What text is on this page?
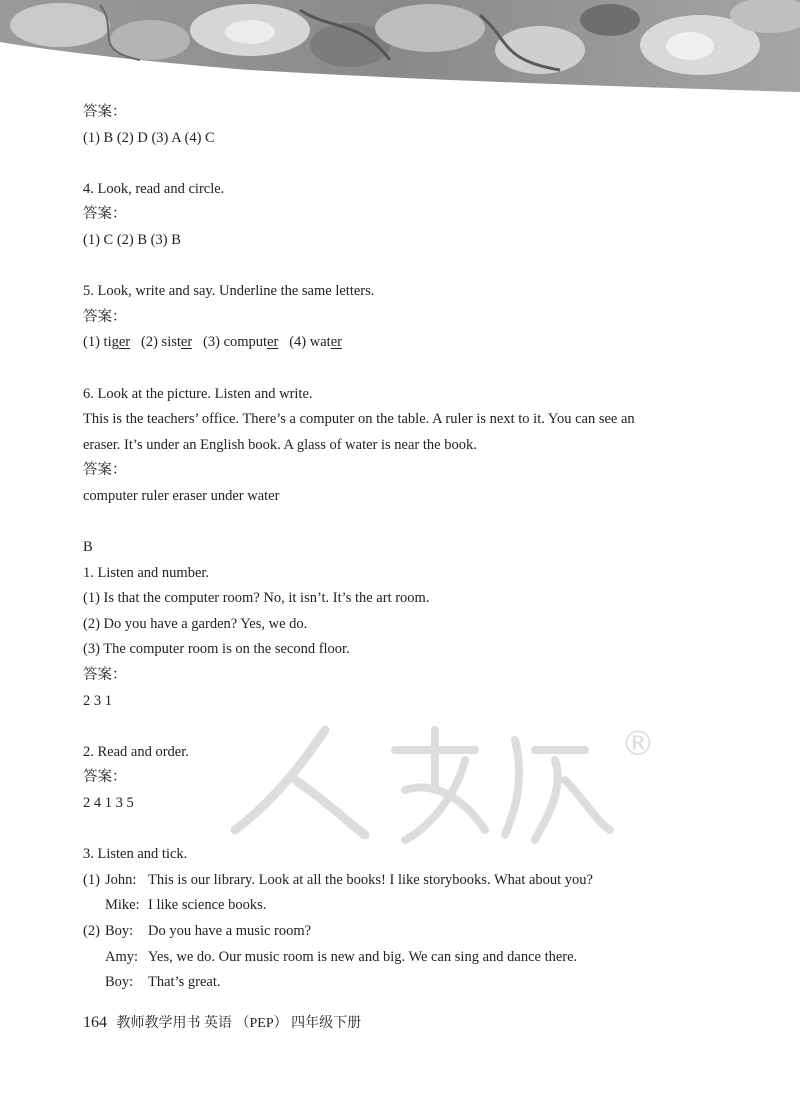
®

答案：

(1) B (2) D (3) A (4) C

4. Look, read and circle.

答案：

(1) C (2) B (3) B

5. Look, write and say. Underline the same letters.

答案：

(1) tiger (2) sister (3) computer (4) water

6. Look at the picture. Listen and write.

This is the teachers’ office. There’s a computer on the table. A ruler is next to it. You can see an

eraser. It’s under an English book. A glass of water is near the book.

答案：

computer ruler eraser under water

B

1. Listen and number.

(1) Is that the computer room? No, it isn’t. It’s the art room.

(2) Do you have a garden? Yes, we do.

(3) The computer room is on the second floor.

答案：

2 3 1

2. Read and order.

答案：

2 4 1 3 5

3. Listen and tick.

(1) John: This is our library. Look at all the books! I like storybooks. What about you?
Mike: I like science books.
(2) Boy:	Do you have a music room?
Amy: Yes, we do. Our music room is new and big. We can sing and dance there.
Boy:	That’s great.
164 教师教学用书 英语 （PEP） 四年级下册
